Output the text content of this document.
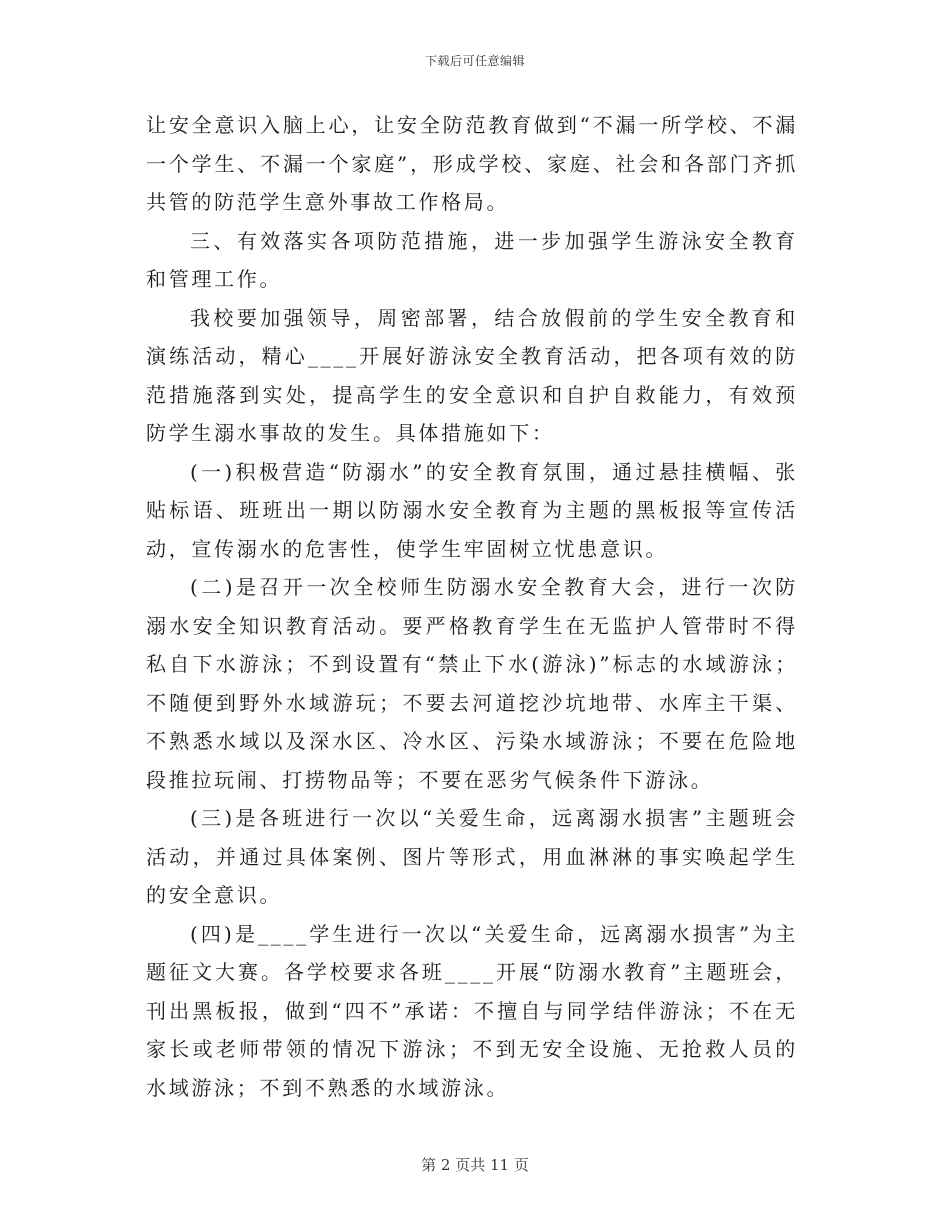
下载后可任意编辑

让安全意识入脑上心，让安全防范教育做到“不漏一所学校、不漏一个学生、不漏一个家庭”，形成学校、家庭、社会和各部门齐抓共管的防范学生意外事故工作格局。

三、有效落实各项防范措施，进一步加强学生游泳安全教育和管理工作。

我校要加强领导，周密部署，结合放假前的学生安全教育和演练活动，精心____开展好游泳安全教育活动，把各项有效的防范措施落到实处，提高学生的安全意识和自护自救能力，有效预防学生溺水事故的发生。具体措施如下：

(一)积极营造“防溺水”的安全教育氛围，通过悬挂横幅、张贴标语、班班出一期以防溺水安全教育为主题的黑板报等宣传活动，宣传溺水的危害性，使学生牢固树立忧患意识。

(二)是召开一次全校师生防溺水安全教育大会，进行一次防溺水安全知识教育活动。要严格教育学生在无监护人管带时不得私自下水游泳；不到设置有“禁止下水(游泳)”标志的水域游泳；不随便到野外水域游玩；不要去河道挖沙坑地带、水库主干渠、不熟悉水域以及深水区、冷水区、污染水域游泳；不要在危险地段推拉玩闹、打捞物品等；不要在恶劣气候条件下游泳。

(三)是各班进行一次以“关爱生命，远离溺水损害”主题班会活动，并通过具体案例、图片等形式，用血淋淋的事实唤起学生的安全意识。

(四)是____学生进行一次以“关爱生命，远离溺水损害”为主题征文大赛。各学校要求各班____开展“防溺水教育”主题班会，刊出黑板报，做到“四不”承诺：不擅自与同学结伴游泳；不在无家长或老师带领的情况下游泳；不到无安全设施、无抢救人员的水域游泳；不到不熟悉的水域游泳。

第 2 页共 11 页
